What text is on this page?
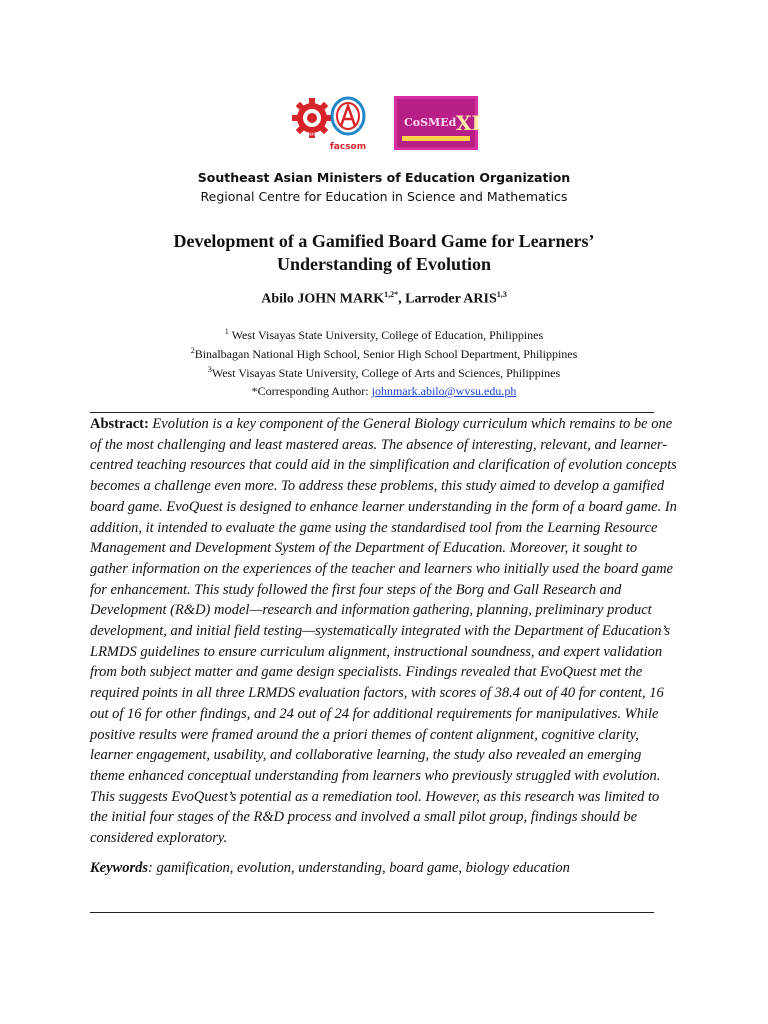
SEAMEO
facsom
CoSMEd XI
Southeast Asian Ministers of Education Organization
Regional Centre for Education in Science and Mathematics
Development of a Gamified Board Game for Learners’
Understanding of Evolution
Abilo JOHN $MARK^{1,2*}$, Larroder ARIS$^{1,3}$
$^1$ West Visayas State University, College of Education, Philippines
$^2$Binalbagan National High School, Senior High School Department, Philippines
$^3$West Visayas State University, College of Arts and Sciences, Philippines
*Corresponding Author: johnmark.abilo@wvsu.edu.ph

Abstract: Evolution is a key component of the General Biology curriculum which remains to be one of the most challenging and least mastered areas. The absence of interesting, relevant, and learner-centred teaching resources that could aid in the simplification and clarification of evolution concepts becomes a challenge even more. To address these problems, this study aimed to develop a gamified board game. EvoQuest is designed to enhance learner understanding in the form of a board game. In addition, it intended to evaluate the game using the standardised tool from the Learning Resource Management and Development System of the Department of Education. Moreover, it sought to gather information on the experiences of the teacher and learners who initially used the board game for enhancement. This study followed the first four steps of the Borg and Gall Research and Development (R&D) model—research and information gathering, planning, preliminary product development, and initial field testing—systematically integrated with the Department of Education’s LRMDS guidelines to ensure curriculum alignment, instructional soundness, and expert validation from both subject matter and game design specialists. Findings revealed that EvoQuest met the required points in all three LRMDS evaluation factors, with scores of 38.4 out of 40 for content, 16 out of 16 for other findings, and 24 out of 24 for additional requirements for manipulatives. While positive results were framed around the a priori themes of content alignment, cognitive clarity, learner engagement, usability, and collaborative learning, the study also revealed an emerging theme enhanced conceptual understanding from learners who previously struggled with evolution. This suggests EvoQuest’s potential as a remediation tool. However, as this research was limited to the initial four stages of the R&D process and involved a small pilot group, findings should be considered exploratory.

Keywords: gamification, evolution, understanding, board game, biology education
